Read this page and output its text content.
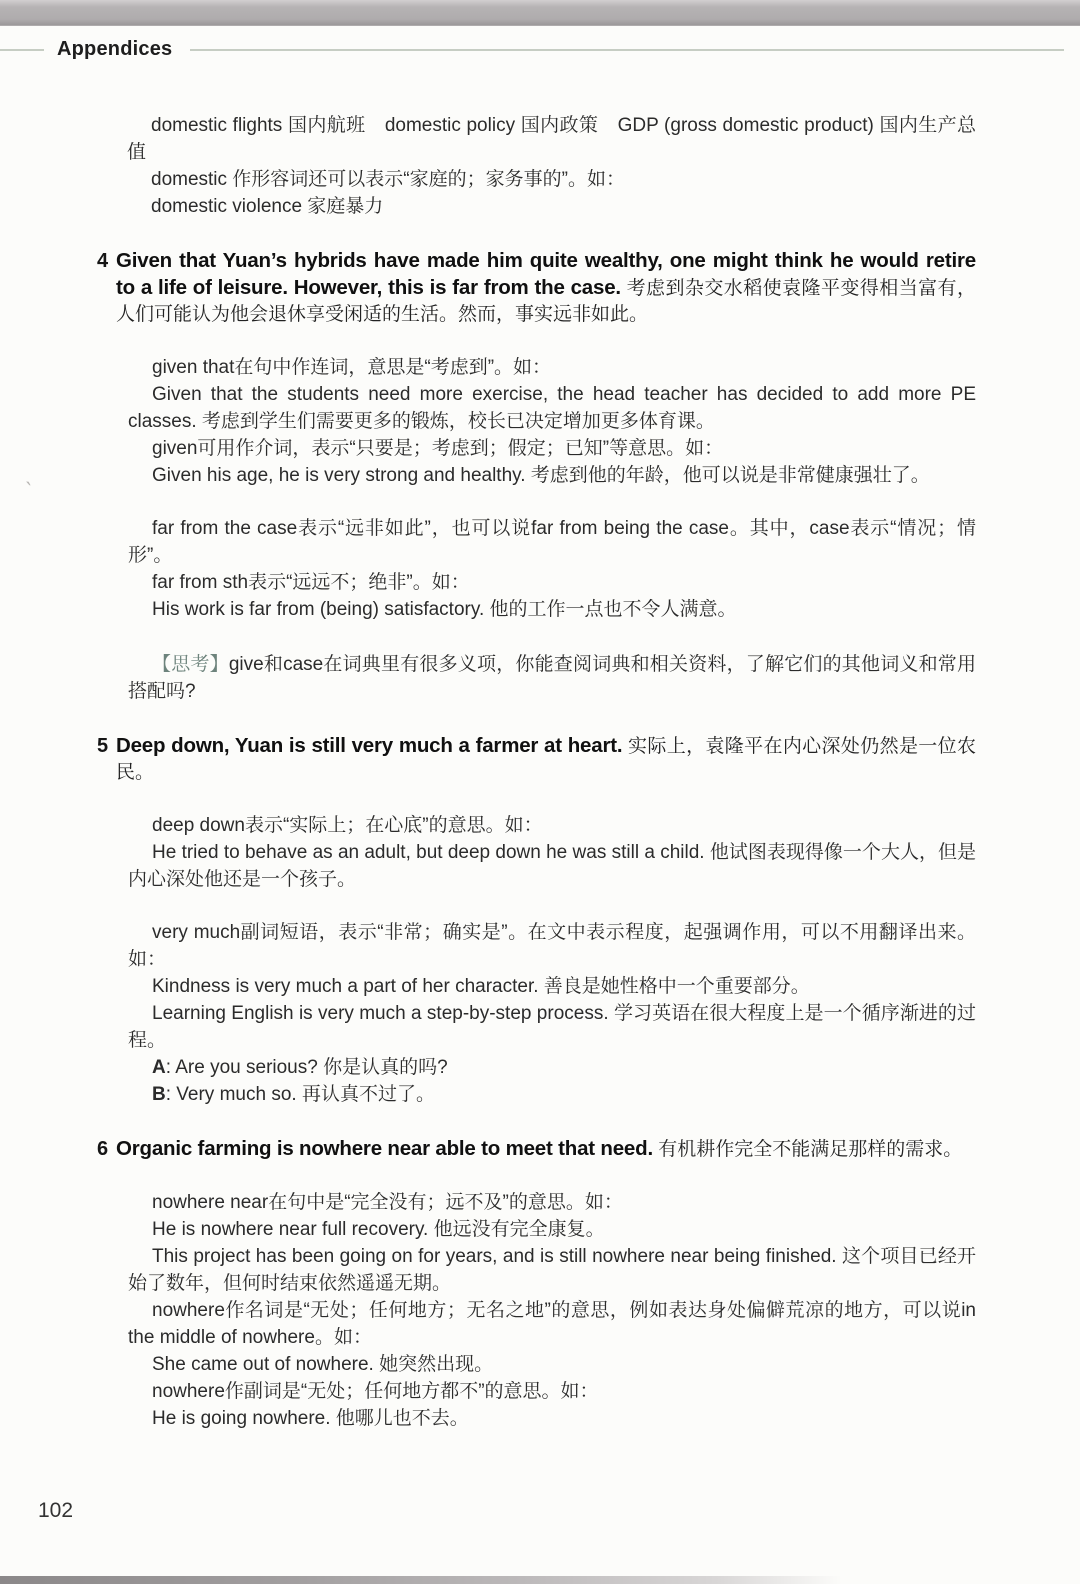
Appendices
`

domestic flights 国内航班　domestic policy 国内政策　GDP (gross domestic product) 国内生产总值

domestic 作形容词还可以表示“家庭的；家务事的”。如：

domestic violence 家庭暴力

4 Given that Yuan’s hybrids have made him quite wealthy, one might think he would retire to a life of leisure. However, this is far from the case. 考虑到杂交水稻使袁隆平变得相当富有，人们可能认为他会退休享受闲适的生活。然而，事实远非如此。

given that在句中作连词，意思是“考虑到”。如：

Given that the students need more exercise, the head teacher has decided to add more PE classes. 考虑到学生们需要更多的锻炼，校长已决定增加更多体育课。

given可用作介词，表示“只要是；考虑到；假定；已知”等意思。如：

Given his age, he is very strong and healthy. 考虑到他的年龄，他可以说是非常健康强壮了。

far from the case表示“远非如此”，也可以说far from being the case。其中，case表示“情况；情形”。

far from sth表示“远远不；绝非”。如：

His work is far from (being) satisfactory. 他的工作一点也不令人满意。

【思考】give和case在词典里有很多义项，你能查阅词典和相关资料，了解它们的其他词义和常用搭配吗?

5 Deep down, Yuan is still very much a farmer at heart. 实际上，袁隆平在内心深处仍然是一位农民。

deep down表示“实际上；在心底”的意思。如：

He tried to behave as an adult, but deep down he was still a child. 他试图表现得像一个大人，但是内心深处他还是一个孩子。

very much副词短语，表示“非常；确实是”。在文中表示程度，起强调作用，可以不用翻译出来。如：

Kindness is very much a part of her character. 善良是她性格中一个重要部分。

Learning English is very much a step-by-step process. 学习英语在很大程度上是一个循序渐进的过程。

A: Are you serious? 你是认真的吗?

B: Very much so. 再认真不过了。

6 Organic farming is nowhere near able to meet that need. 有机耕作完全不能满足那样的需求。

nowhere near在句中是“完全没有；远不及”的意思。如：

He is nowhere near full recovery. 他远没有完全康复。

This project has been going on for years, and is still nowhere near being finished. 这个项目已经开始了数年，但何时结束依然遥遥无期。

nowhere作名词是“无处；任何地方；无名之地”的意思，例如表达身处偏僻荒凉的地方，可以说in the middle of nowhere。如：

She came out of nowhere. 她突然出现。

nowhere作副词是“无处；任何地方都不”的意思。如：

He is going nowhere. 他哪儿也不去。

102
